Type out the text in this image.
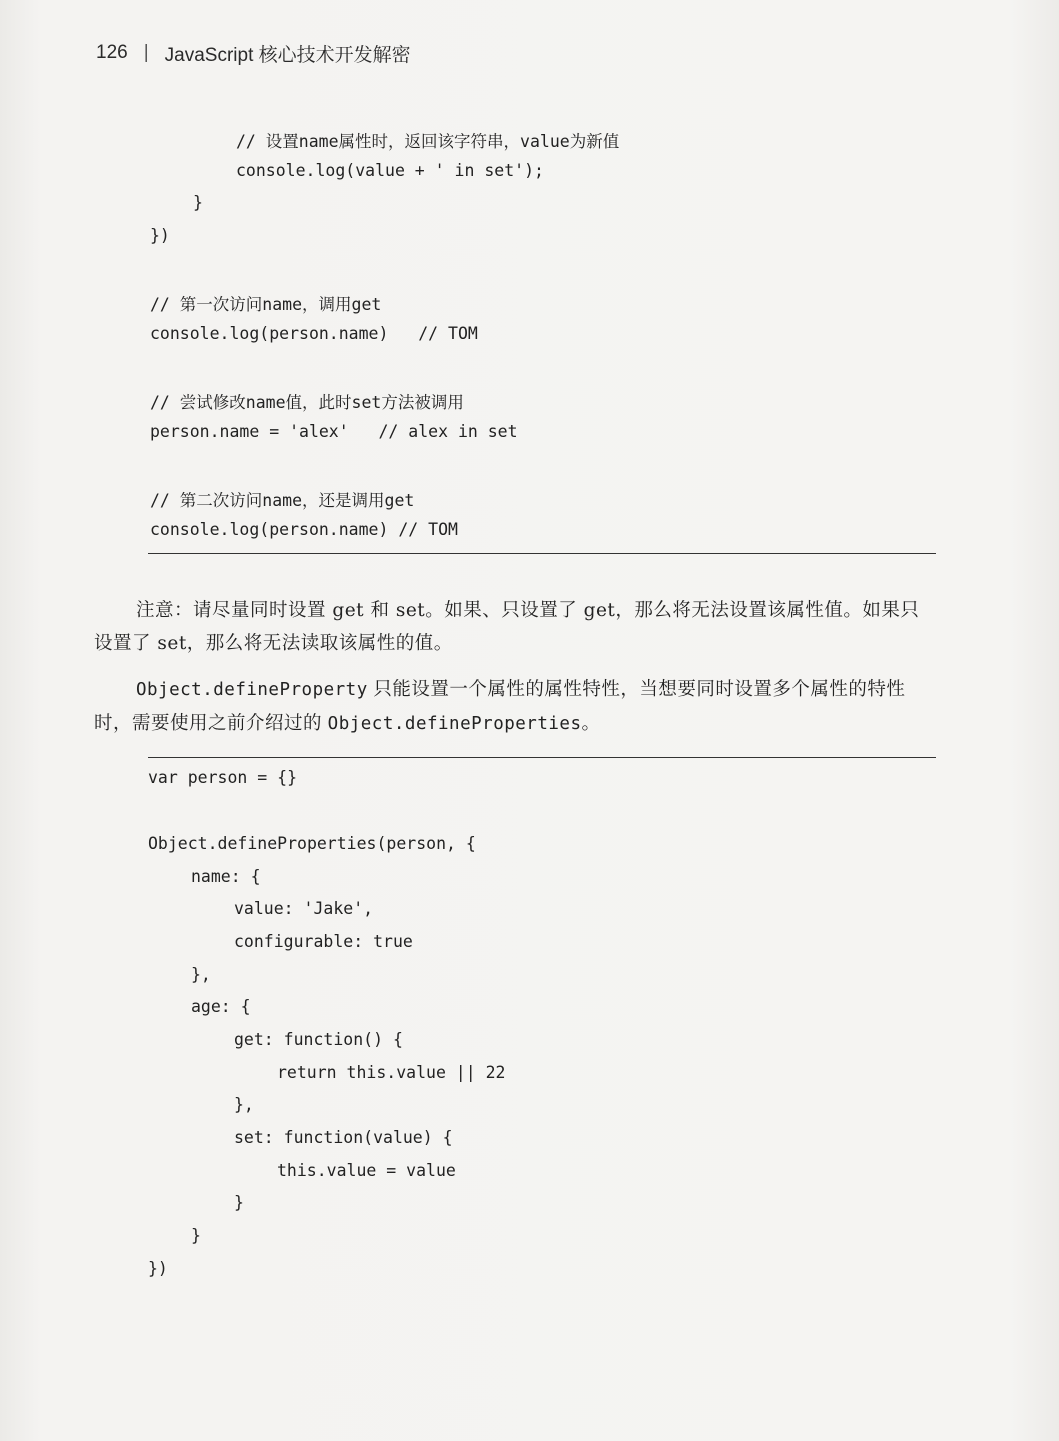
126 | JavaScript 核心技术开发解密

// 设置name属性时，返回该字符串，value为新值

console.log(value + ' in set');

}

})

// 第一次访问name，调用get

console.log(person.name)   // TOM

// 尝试修改name值，此时set方法被调用

person.name = 'alex'   // alex in set

// 第二次访问name，还是调用get

console.log(person.name) // TOM

注意：请尽量同时设置 get 和 set。如果、只设置了 get，那么将无法设置该属性值。如果只
设置了 set，那么将无法读取该属性的值。
Object.defineProperty 只能设置一个属性的属性特性，当想要同时设置多个属性的特性
时，需要使用之前介绍过的 Object.defineProperties。

var person = {}

Object.defineProperties(person, {

name: {

value: 'Jake',

configurable: true

},

age: {

get: function() {

return this.value || 22

},

set: function(value) {

this.value = value

}

}

})
